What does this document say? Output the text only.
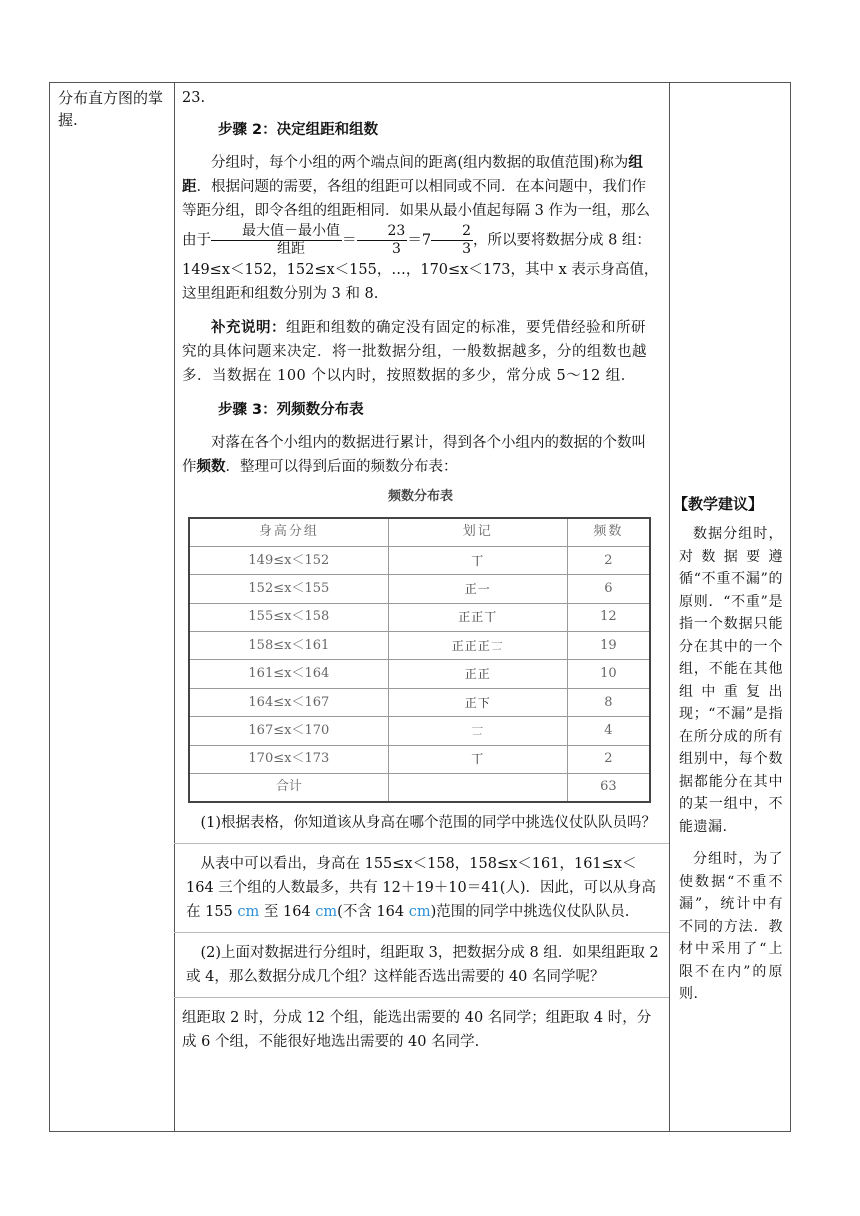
分布直方图的掌握.

23.

步骤 2：决定组距和组数

分组时，每个小组的两个端点间的距离(组内数据的取值范围)称为组距．根据问题的需要，各组的组距可以相同或不同．在本问题中，我们作等距分组，即令各组的组距相同．如果从最小值起每隔 3 作为一组，那么由于 $\frac{\text{最大值－最小值}}{\text{组距}} = \frac{23}{3} =7 \frac{2}{3}$ ，所以要将数据分成 8 组：149≤x＜152，152≤x＜155，…，170≤x＜173，其中 x 表示身高值，这里组距和组数分别为 3 和 8.

补充说明：组距和组数的确定没有固定的标准，要凭借经验和所研究的具体问题来决定．将一批数据分组，一般数据越多，分的组数也越多．当数据在 100 个以内时，按照数据的多少，常分成 5～12 组．

步骤 3：列频数分布表

对落在各个小组内的数据进行累计，得到各个小组内的数据的个数叫作频数．整理可以得到后面的频数分布表：

频数分布表
身高分组	划记	频数
149≤x＜152	丅	2
152≤x＜155	正一	6
155≤x＜158	正正丅	12
158≤x＜161	正正正𠄟	19
161≤x＜164	正正	10
164≤x＜167	正下	8
167≤x＜170	𠄟	4
170≤x＜173	丅	2
合计		63

(1)根据表格，你知道该从身高在哪个范围的同学中挑选仪仗队队员吗？

从表中可以看出，身高在 155≤x＜158，158≤x＜161，161≤x＜164 三个组的人数最多，共有 12＋19＋10＝41(人)．因此，可以从身高在 155 cm 至 164 cm(不含 164 cm)范围的同学中挑选仪仗队队员.

(2)上面对数据进行分组时，组距取 3，把数据分成 8 组．如果组距取 2 或 4，那么数据分成几个组？这样能否选出需要的 40 名同学呢？

组距取 2 时，分成 12 个组，能选出需要的 40 名同学；组距取 4 时，分成 6 个组，不能很好地选出需要的 40 名同学.

【教学建议】

数据分组时，对数据要遵循“不重不漏”的原则．“不重”是指一个数据只能分在其中的一个组，不能在其他组中重复出现；“不漏”是指在所分成的所有组别中，每个数据都能分在其中的某一组中，不能遗漏.

分组时，为了使数据“不重不漏”，统计中有不同的方法．教材中采用了“上限不在内”的原则.
